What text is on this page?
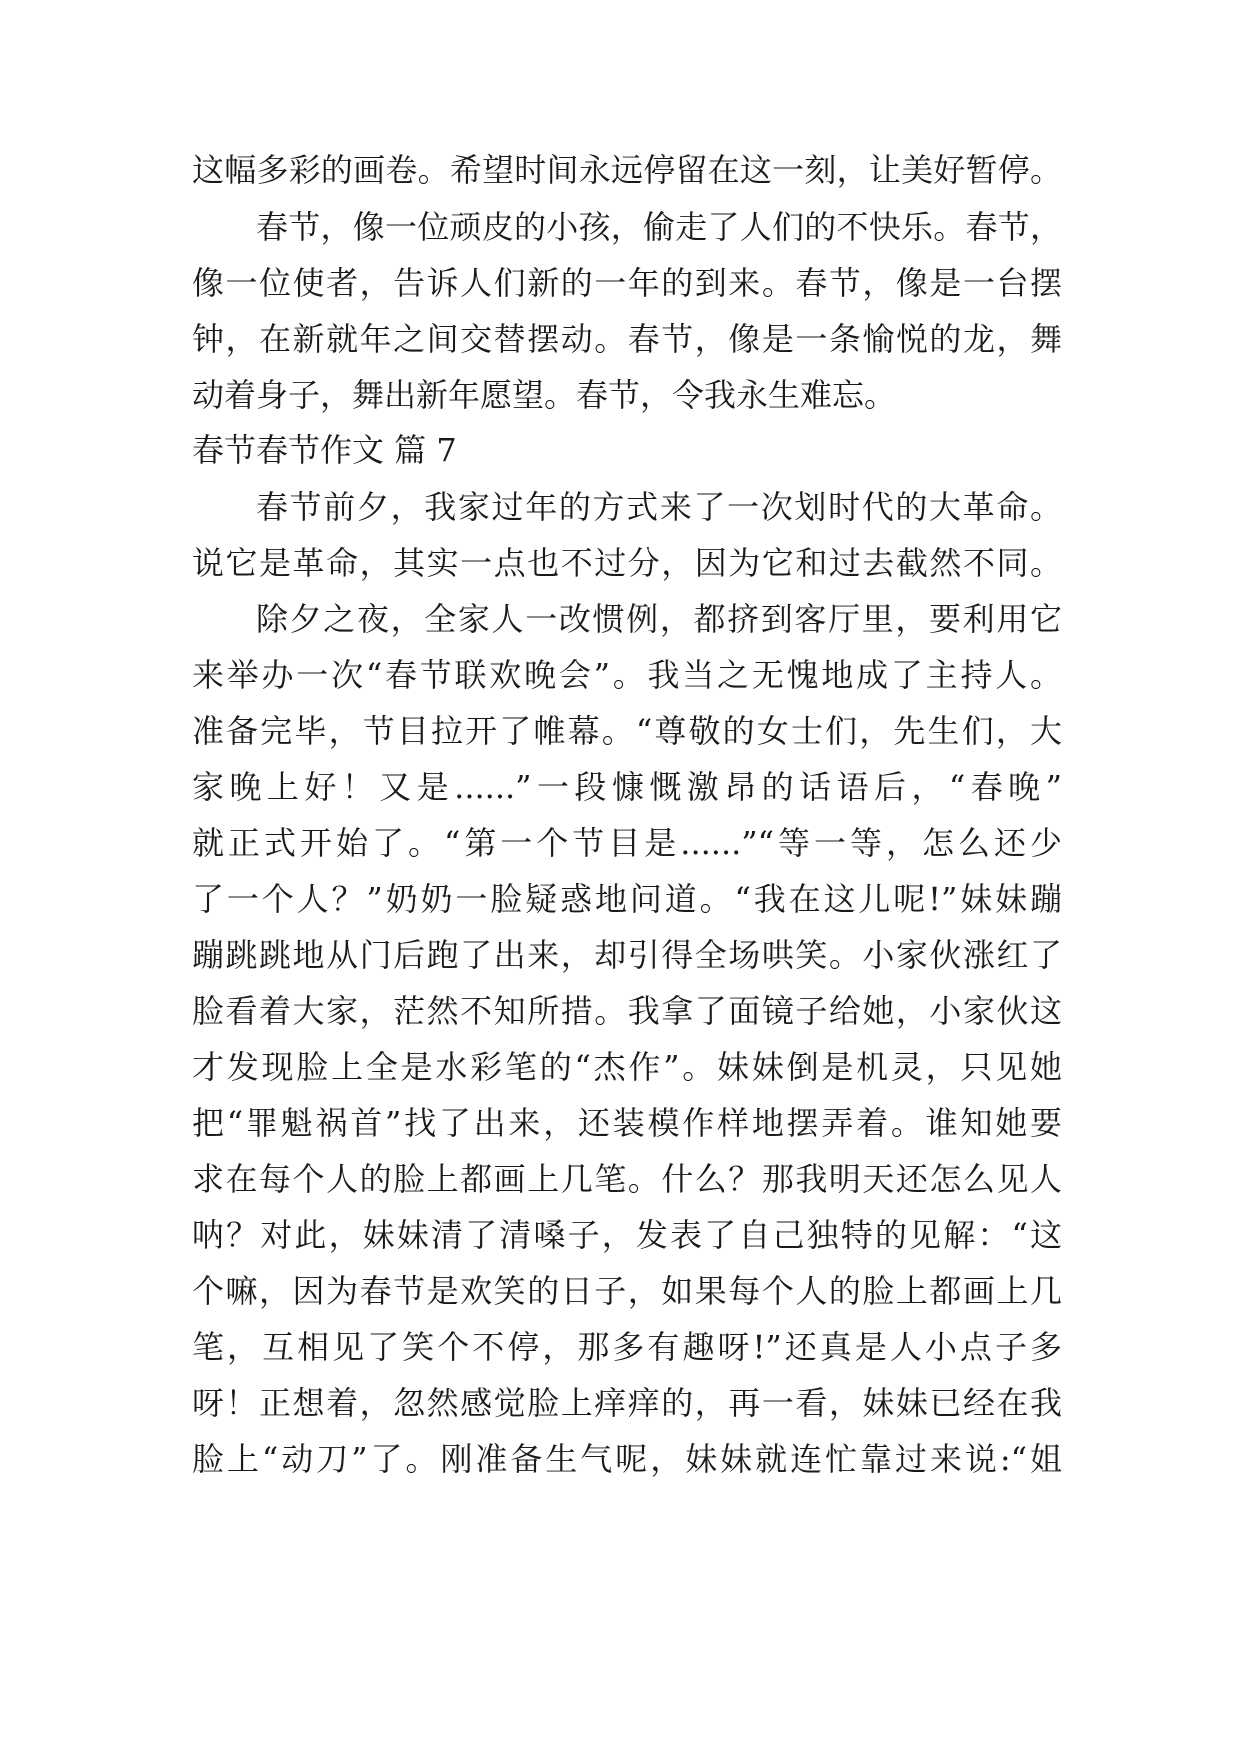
这幅多彩的画卷。希望时间永远停留在这一刻，让美好暂停。
春节，像一位顽皮的小孩，偷走了人们的不快乐。春节，
像一位使者，告诉人们新的一年的到来。春节，像是一台摆
钟，在新就年之间交替摆动。春节，像是一条愉悦的龙，舞
动着身子，舞出新年愿望。春节，令我永生难忘。
春节春节作文 篇 7
春节前夕，我家过年的方式来了一次划时代的大革命。
说它是革命，其实一点也不过分，因为它和过去截然不同。
除夕之夜，全家人一改惯例，都挤到客厅里，要利用它
来举办一次“春节联欢晚会”。我当之无愧地成了主持人。
准备完毕，节目拉开了帷幕。“尊敬的女士们，先生们，大
家晚上好！又是......”一段慷慨激昂的话语后，“春晚”
就正式开始了。“第一个节目是......”“等一等，怎么还少
了一个人？”奶奶一脸疑惑地问道。“我在这儿呢!”妹妹蹦
蹦跳跳地从门后跑了出来，却引得全场哄笑。小家伙涨红了
脸看着大家，茫然不知所措。我拿了面镜子给她，小家伙这
才发现脸上全是水彩笔的“杰作”。妹妹倒是机灵，只见她
把“罪魁祸首”找了出来，还装模作样地摆弄着。谁知她要
求在每个人的脸上都画上几笔。什么？那我明天还怎么见人
呐？对此，妹妹清了清嗓子，发表了自己独特的见解：“这
个嘛，因为春节是欢笑的日子，如果每个人的脸上都画上几
笔，互相见了笑个不停，那多有趣呀!”还真是人小点子多
呀！正想着，忽然感觉脸上痒痒的，再一看，妹妹已经在我
脸上“动刀”了。刚准备生气呢，妹妹就连忙靠过来说:“姐
